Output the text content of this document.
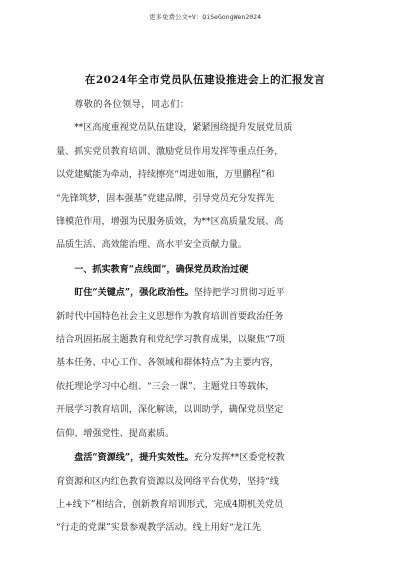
更多免费公文+V：QiSeGongWen2024
在2024年全市党员队伍建设推进会上的汇报发言
尊敬的各位领导，同志们：
**区高度重视党员队伍建设，紧紧围绕提升发展党员质
量、抓实党员教育培训、激励党员作用发挥等重点任务，
以党建赋能为牵动，持续擦亮“周进如瓶，万里鹏程”和
“先锋筑梦，固本强基”党建品牌，引导党员充分发挥先
锋模范作用，增强为民服务质效，为**区高质量发展、高
品质生活、高效能治理、高水平安全贡献力量。
一、抓实教育“点线面”，确保党员政治过硬
盯住“关键点”，强化政治性。坚持把学习贯彻习近平
新时代中国特色社会主义思想作为教育培训首要政治任务
结合巩固拓展主题教育和党纪学习教育成果，以聚焦“7项
基本任务、中心工作、各领域和群体特点”为主要内容，
依托理论学习中心组、“三会一课”、主题党日等载体，
开展学习教育培训，深化解读，以训助学，确保党员坚定
信仰、增强党性、提高素质。
盘活“资源线”，提升实效性。充分发挥**区委党校教
育资源和区内红色教育资源以及网络平台优势，坚持“线
上+线下”相结合，创新教育培训形式，完成4期机关党员
“行走的党课”实景参观教学活动。线上用好“龙江先
